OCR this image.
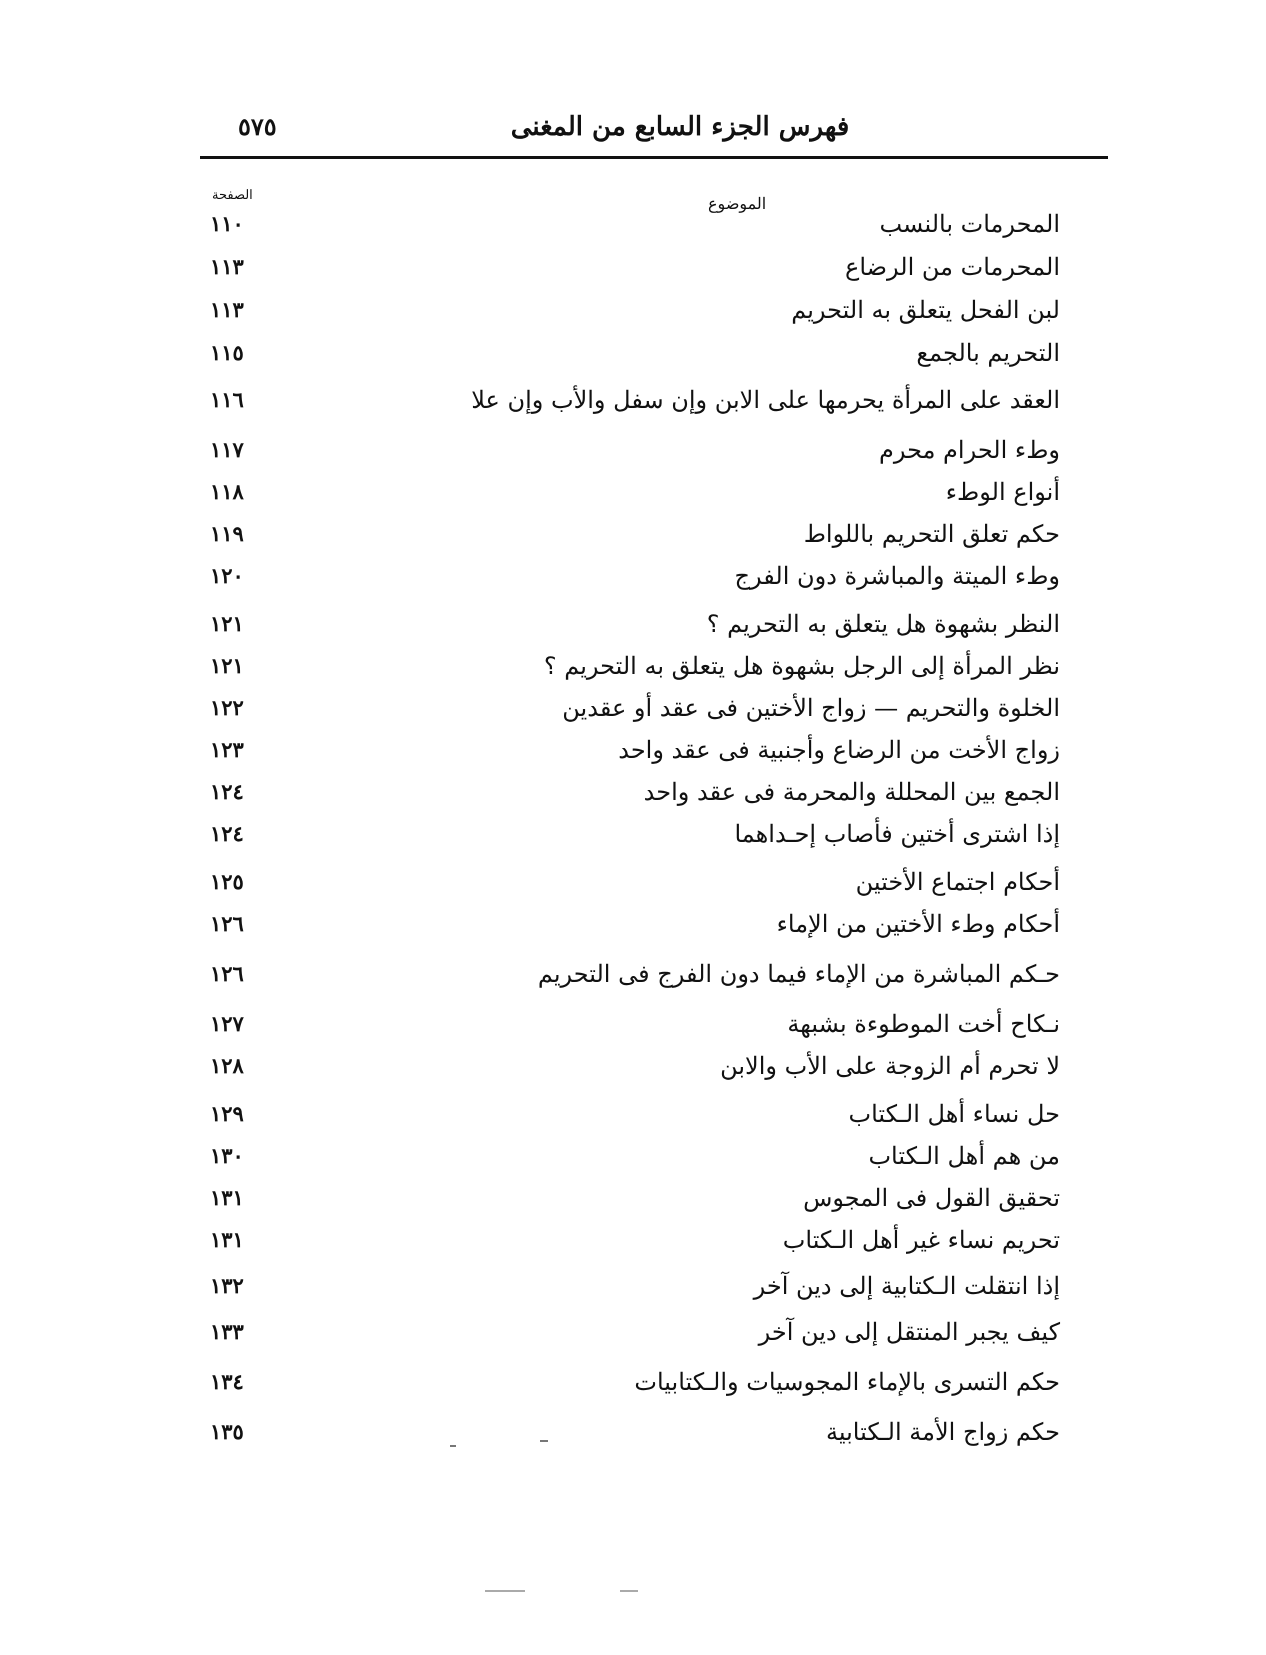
فهرس الجزء السابع من المغنى
٥٧٥
الموضوع
الصفحة
المحرمات بالنسب
١١٠
المحرمات من الرضاع
١١٣
لبن الفحل يتعلق به التحريم
١١٣
التحريم بالجمع
١١٥
العقد على المرأة يحرمها على الابن وإن سفل والأب وإن علا
١١٦
وطء الحرام محرم
١١٧
أنواع الوطء
١١٨
حكم تعلق التحريم باللواط
١١٩
وطء الميتة والمباشرة دون الفرج
١٢٠
النظر بشهوة هل يتعلق به التحريم ؟
١٢١
نظر المرأة إلى الرجل بشهوة هل يتعلق به التحريم ؟
١٢١
الخلوة والتحريم — زواج الأختين فى عقد أو عقدين
١٢٢
زواج الأخت من الرضاع وأجنبية فى عقد واحد
١٢٣
الجمع بين المحللة والمحرمة فى عقد واحد
١٢٤
إذا اشترى أختين فأصاب إحـداهما
١٢٤
أحكام اجتماع الأختين
١٢٥
أحكام وطء الأختين من الإماء
١٢٦
حـكم المباشرة من الإماء فيما دون الفرج فى التحريم
١٢٦
نـكاح أخت الموطوءة بشبهة
١٢٧
لا تحرم أم الزوجة على الأب والابن
١٢٨
حل نساء أهل الـكتاب
١٢٩
من هم أهل الـكتاب
١٣٠
تحقيق القول فى المجوس
١٣١
تحريم نساء غير أهل الـكتاب
١٣١
إذا انتقلت الـكتابية إلى دين آخر
١٣٢
كيف يجبر المنتقل إلى دين آخر
١٣٣
حكم التسرى بالإماء المجوسيات والـكتابيات
١٣٤
حكم زواج الأمة الـكتابية
١٣٥
